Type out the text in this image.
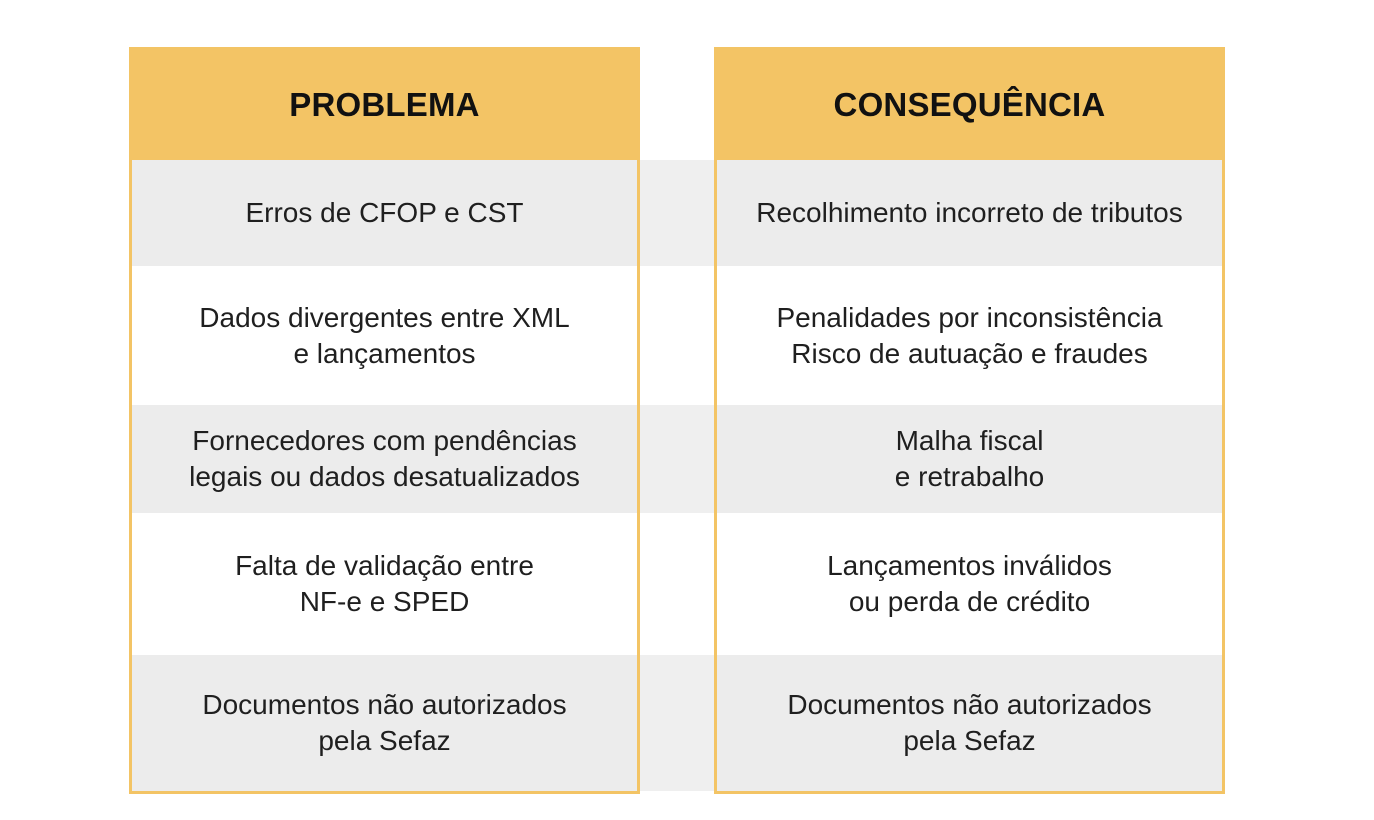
PROBLEMA
Erros de CFOP e CST
Dados divergentes entre XML
e lançamentos
Fornecedores com pendências
legais ou dados desatualizados
Falta de validação entre
NF-e e SPED
Documentos não autorizados
pela Sefaz
CONSEQUÊNCIA
Recolhimento incorreto de tributos
Penalidades por inconsistência
Risco de autuação e fraudes
Malha fiscal
e retrabalho
Lançamentos inválidos
ou perda de crédito
Documentos não autorizados
pela Sefaz
